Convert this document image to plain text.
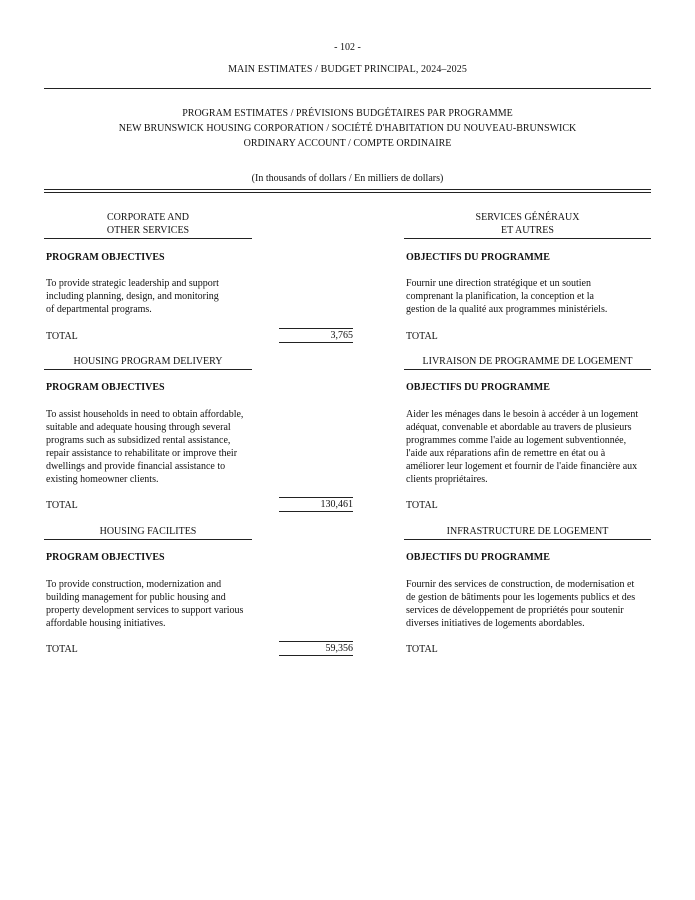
- 102 -
MAIN ESTIMATES / BUDGET PRINCIPAL, 2024–2025
PROGRAM ESTIMATES / PRÉVISIONS BUDGÉTAIRES PAR PROGRAMME
NEW BRUNSWICK HOUSING CORPORATION / SOCIÉTÉ D'HABITATION DU NOUVEAU-BRUNSWICK
ORDINARY ACCOUNT / COMPTE ORDINAIRE
(In thousands of dollars / En milliers de dollars)
CORPORATE AND
OTHER SERVICES
SERVICES GÉNÉRAUX
ET AUTRES
PROGRAM OBJECTIVES	OBJECTIFS DU PROGRAMME
To provide strategic leadership and support
including planning, design, and monitoring
of departmental programs.
Fournir une direction stratégique et un soutien
comprenant la planification, la conception et la
gestion de la qualité aux programmes ministériels.
TOTAL	3,765	TOTAL
HOUSING PROGRAM DELIVERY	LIVRAISON DE PROGRAMME DE LOGEMENT
PROGRAM OBJECTIVES	OBJECTIFS DU PROGRAMME
To assist households in need to obtain affordable,
suitable and adequate housing through several
programs such as subsidized rental assistance,
repair assistance to rehabilitate or improve their
dwellings and provide financial assistance to
existing homeowner clients.
Aider les ménages dans le besoin à accéder à un logement
adéquat, convenable et abordable au travers de plusieurs
programmes comme l'aide au logement subventionnée,
l'aide aux réparations afin de remettre en état ou à
améliorer leur logement et fournir de l'aide financière aux
clients propriétaires.
TOTAL	130,461	TOTAL
HOUSING FACILITES	INFRASTRUCTURE DE LOGEMENT
PROGRAM OBJECTIVES	OBJECTIFS DU PROGRAMME
To provide construction, modernization and
building management for public housing and
property development services to support various
affordable housing initiatives.
Fournir des services de construction, de modernisation et
de gestion de bâtiments pour les logements publics et des
services de développement de propriétés pour soutenir
diverses initiatives de logements abordables.
TOTAL	59,356	TOTAL
